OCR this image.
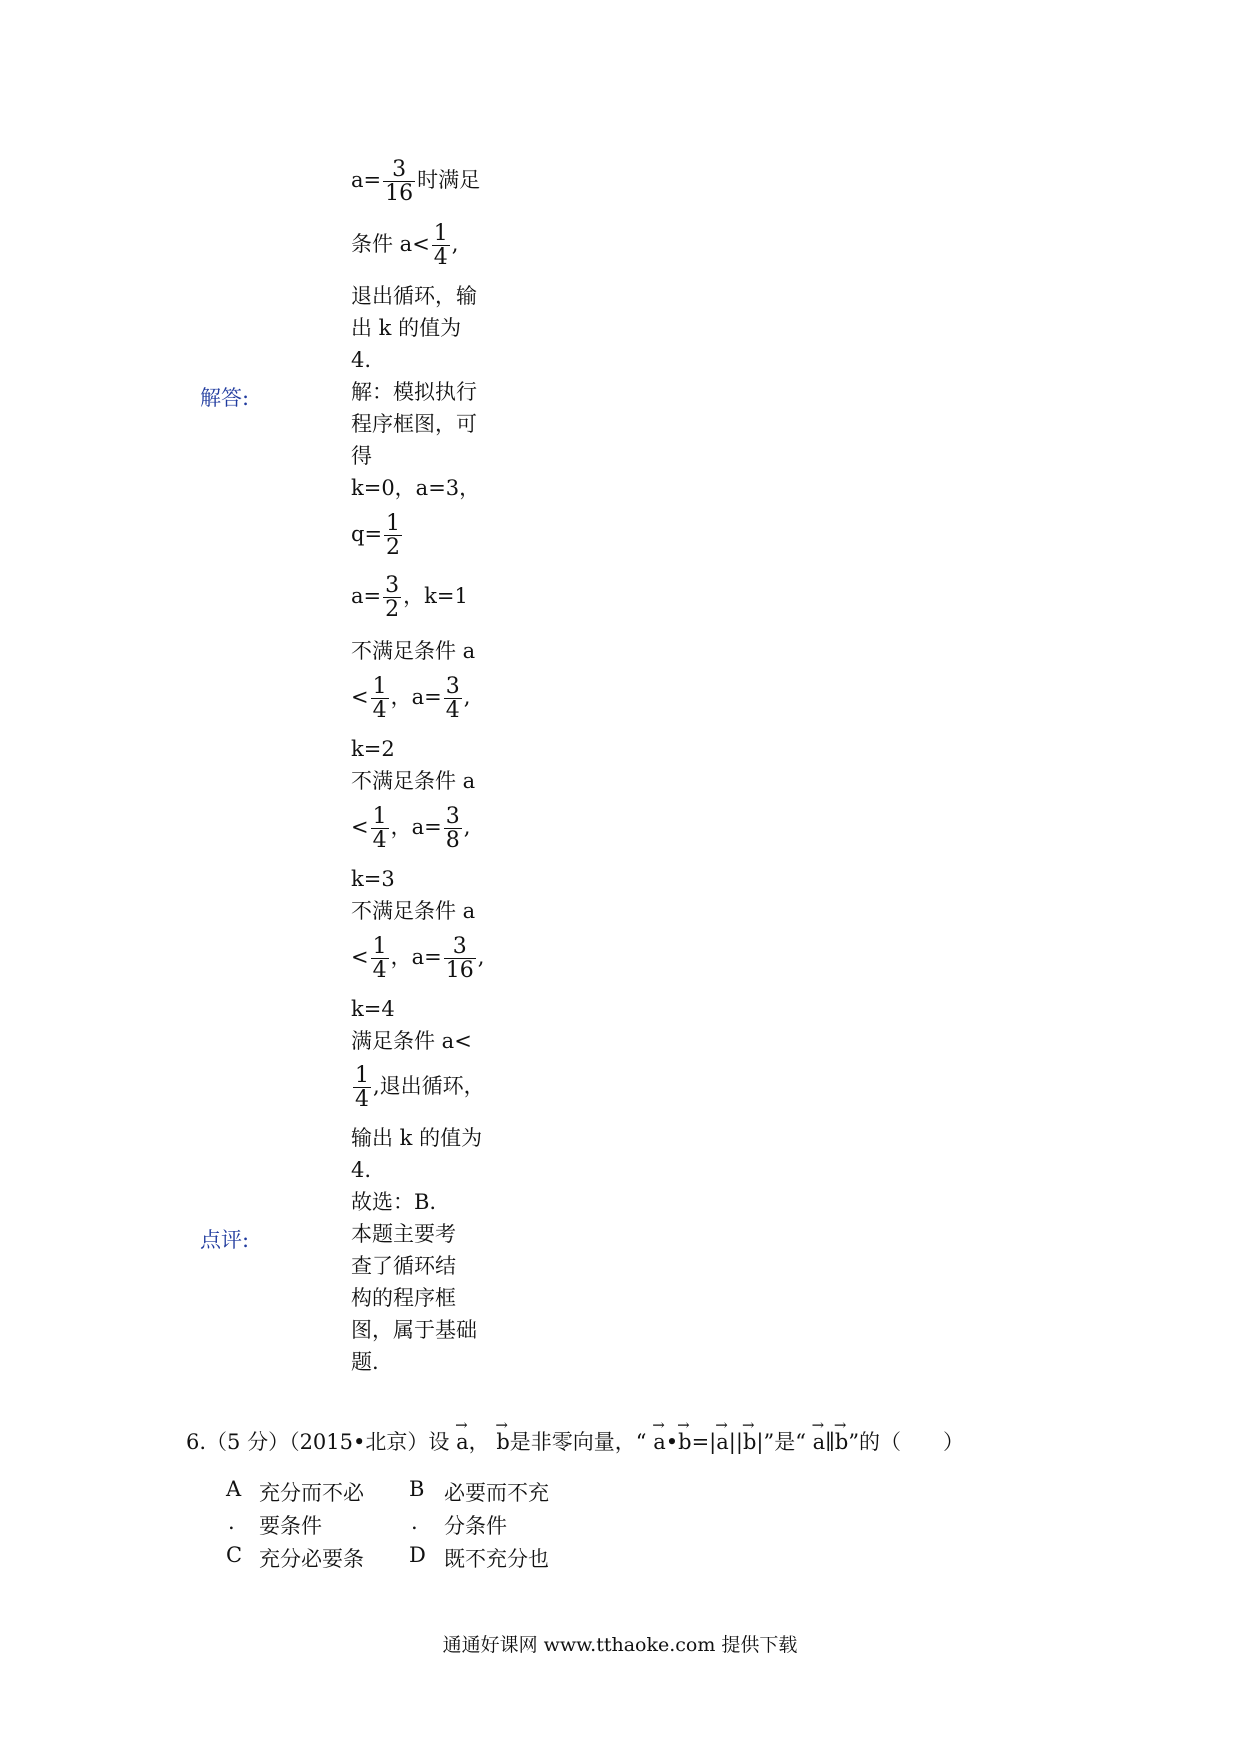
$a= \frac{3}{16}$ 时满足
条件 $a< \frac{1}{4}$ ,
退出循环，输
出 k 的值为
4.
解答:	解：模拟执行
程序框图，可
得
k=0，a=3，
$q= \frac{1}{2}$
$a= \frac{3}{2}$ ，k=1
不满足条件 a
< $\frac{1}{4}$ ，$a= \frac{3}{4}$ ,
k=2
不满足条件 a
< $\frac{1}{4}$ ，$a= \frac{3}{8}$ ,
k=3
不满足条件 a
< $\frac{1}{4}$ ，$a= \frac{3}{16}$ ,
k=4
满足条件 a<
$\frac{1}{4}$ ,退出循环，
输出 k 的值为
4.
故选：B.
点评:	本题主要考
查了循环结
构的程序框
图，属于基础
题.
6.（5 分）（2015•北京）设 → a， → b是非零向量，“ → a•→ b=|→ a||→ b|”是“ → a∥→ b”的（　　）
A 充分而不必
. 要条件
B 必要而不充
. 分条件
C 充分必要条 D 既不充分也
通通好课网 www.tthaoke.com 提供下载
